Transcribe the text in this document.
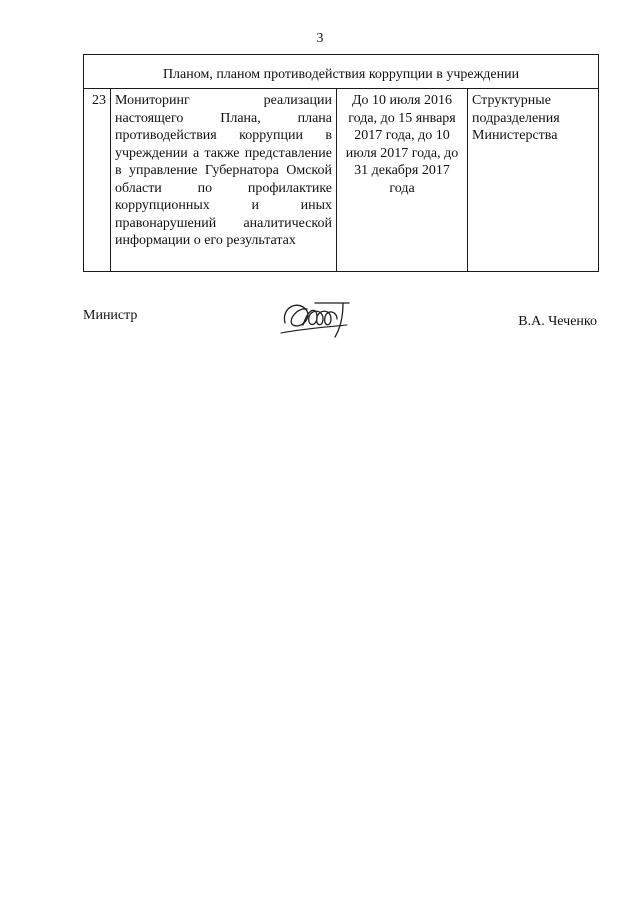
3
Планом, планом противодействия коррупции в учреждении

23	Мониторинг реализации настоящего Плана, плана противодействия коррупции в учреждении а также представление в управление Губернатора Омской области по профилактике коррупционных и иных правонарушений аналитической информации о его результатах	До 10 июля 2016 года, до 15 января 2017 года, до 10 июля 2017 года, до 31 декабря 2017 года	Структурные подразделения Министерства
Министр	В.А. Чеченко
